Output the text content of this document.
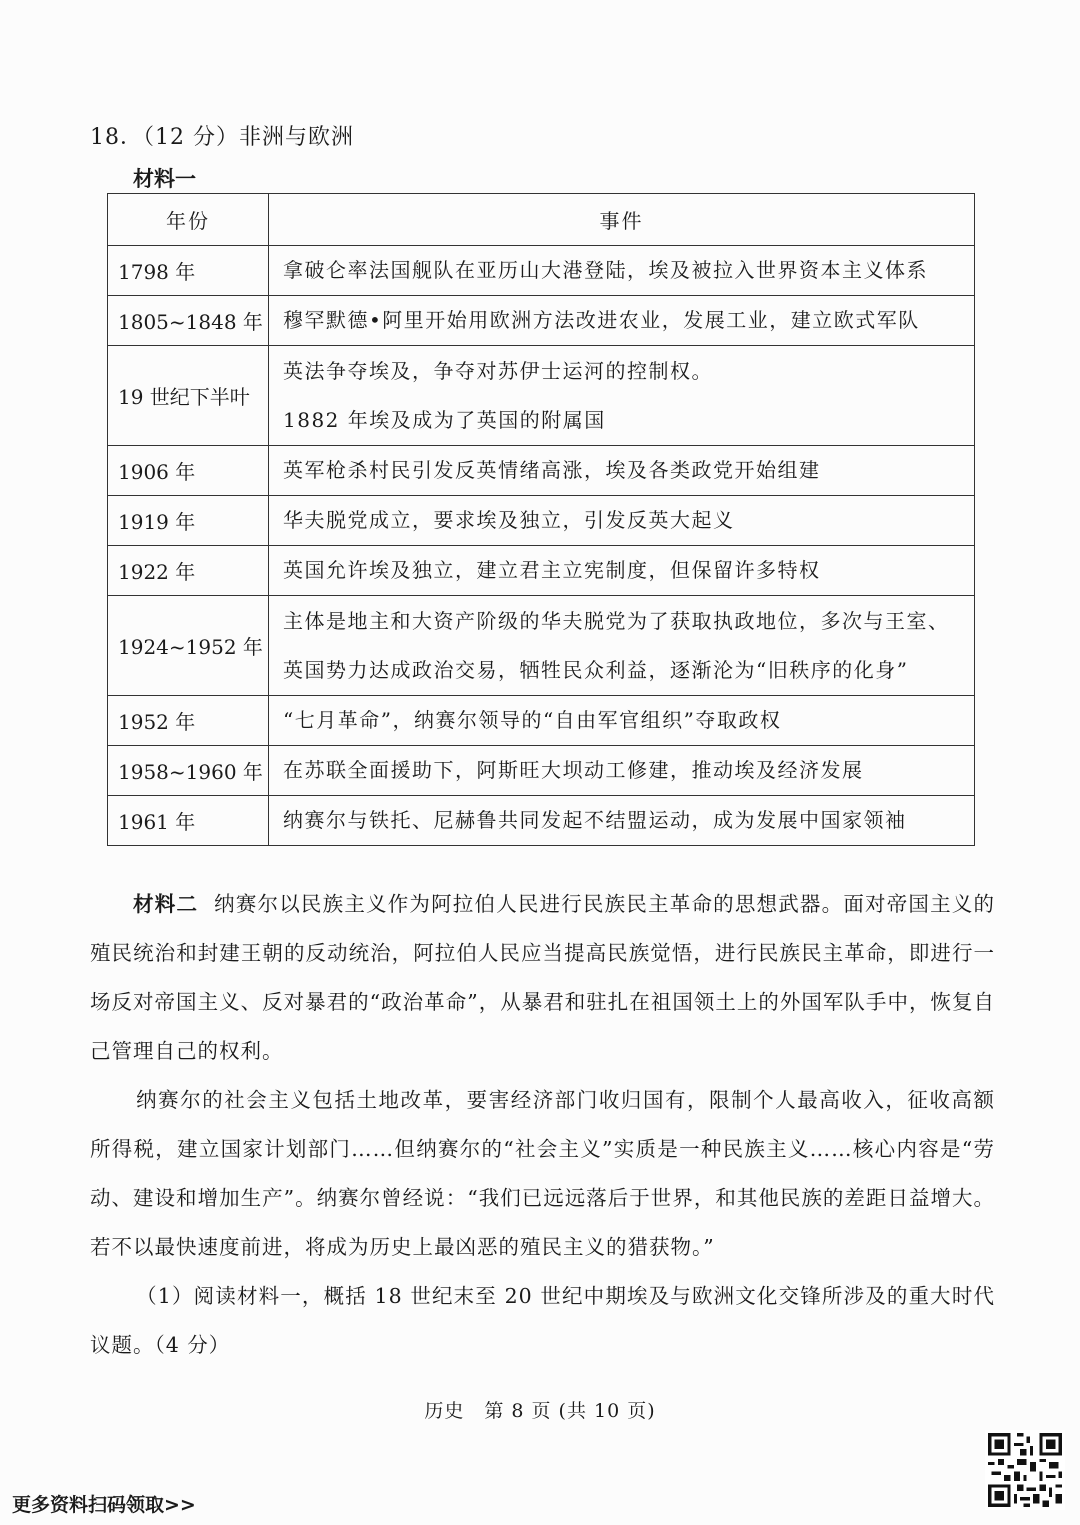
18．（12 分）非洲与欧洲
材料一
年份	事件
1798 年	拿破仑率法国舰队在亚历山大港登陆，埃及被拉入世界资本主义体系

1805~1848 年	穆罕默德•阿里开始用欧洲方法改进农业，发展工业，建立欧式军队

19 世纪下半叶	英法争夺埃及，争夺对苏伊士运河的控制权。
1882 年埃及成为了英国的附属国

1906 年	英军枪杀村民引发反英情绪高涨，埃及各类政党开始组建

1919 年	华夫脱党成立，要求埃及独立，引发反英大起义

1922 年	英国允许埃及独立，建立君主立宪制度，但保留许多特权

1924~1952 年	主体是地主和大资产阶级的华夫脱党为了获取执政地位，多次与王室、
英国势力达成政治交易，牺牲民众利益，逐渐沦为“旧秩序的化身”

1952 年	“七月革命”，纳赛尔领导的“自由军官组织”夺取政权

1958~1960 年	在苏联全面援助下，阿斯旺大坝动工修建，推动埃及经济发展

1961 年	纳赛尔与铁托、尼赫鲁共同发起不结盟运动，成为发展中国家领袖

材料二 纳赛尔以民族主义作为阿拉伯人民进行民族民主革命的思想武器。面对帝国主义的殖民统治和封建王朝的反动统治，阿拉伯人民应当提高民族觉悟，进行民族民主革命，即进行一场反对帝国主义、反对暴君的“政治革命”，从暴君和驻扎在祖国领土上的外国军队手中，恢复自己管理自己的权利。

纳赛尔的社会主义包括土地改革，要害经济部门收归国有，限制个人最高收入，征收高额所得税，建立国家计划部门……但纳赛尔的“社会主义”实质是一种民族主义……核心内容是“劳动、建设和增加生产”。纳赛尔曾经说：“我们已远远落后于世界，和其他民族的差距日益增大。若不以最快速度前进，将成为历史上最凶恶的殖民主义的猎获物。”

（1）阅读材料一，概括 18 世纪末至 20 世纪中期埃及与欧洲文化交锋所涉及的重大时代议题。（4 分）

历史　第 8 页 (共 10 页)
更多资料扫码领取>>
